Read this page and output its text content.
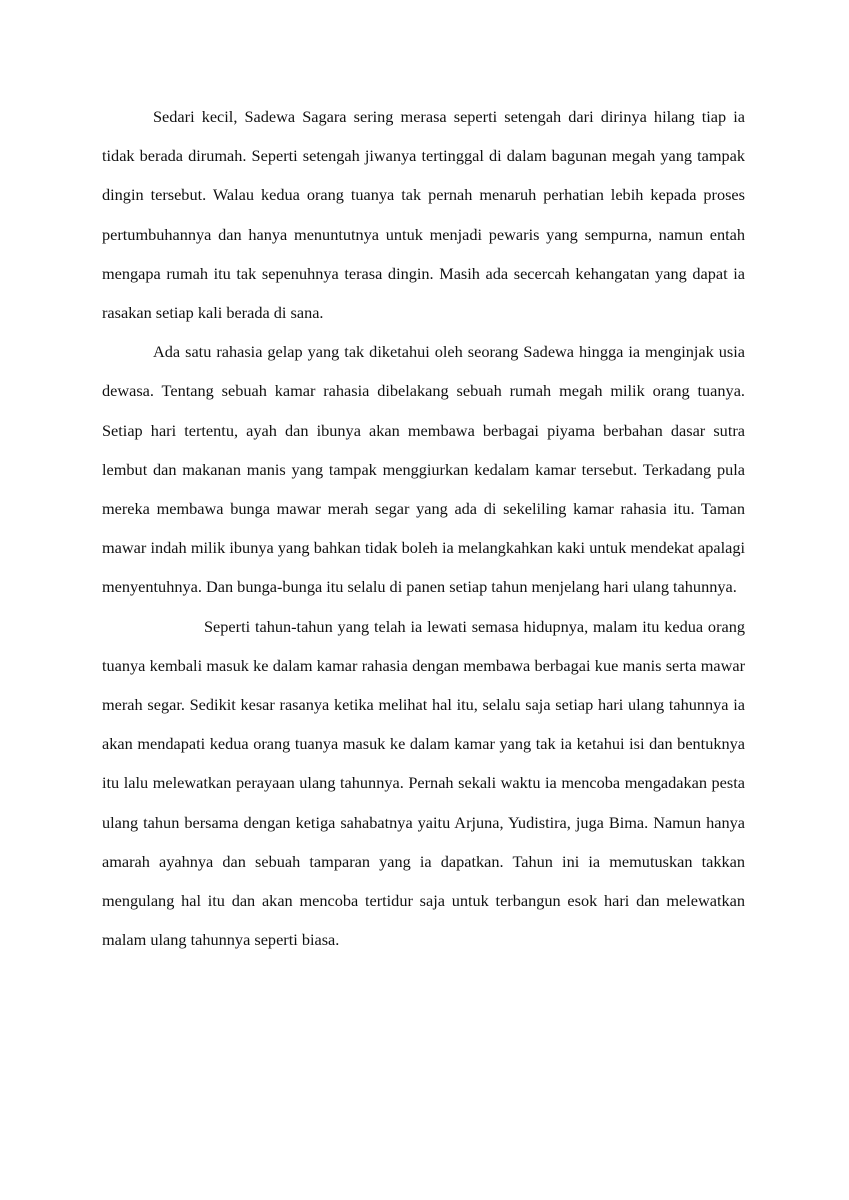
Sedari kecil, Sadewa Sagara sering merasa seperti setengah dari dirinya hilang tiap ia tidak berada dirumah. Seperti setengah jiwanya tertinggal di dalam bagunan megah yang tampak dingin tersebut. Walau kedua orang tuanya tak pernah menaruh perhatian lebih kepada proses pertumbuhannya dan hanya menuntutnya untuk menjadi pewaris yang sempurna, namun entah mengapa rumah itu tak sepenuhnya terasa dingin. Masih ada secercah kehangatan yang dapat ia rasakan setiap kali berada di sana.

Ada satu rahasia gelap yang tak diketahui oleh seorang Sadewa hingga ia menginjak usia dewasa. Tentang sebuah kamar rahasia dibelakang sebuah rumah megah milik orang tuanya. Setiap hari tertentu, ayah dan ibunya akan membawa berbagai piyama berbahan dasar sutra lembut dan makanan manis yang tampak menggiurkan kedalam kamar tersebut. Terkadang pula mereka membawa bunga mawar merah segar yang ada di sekeliling kamar rahasia itu. Taman mawar indah milik ibunya yang bahkan tidak boleh ia melangkahkan kaki untuk mendekat apalagi menyentuhnya. Dan bunga-bunga itu selalu di panen setiap tahun menjelang hari ulang tahunnya.

Seperti tahun-tahun yang telah ia lewati semasa hidupnya, malam itu kedua orang tuanya kembali masuk ke dalam kamar rahasia dengan membawa berbagai kue manis serta mawar merah segar. Sedikit kesar rasanya ketika melihat hal itu, selalu saja setiap hari ulang tahunnya ia akan mendapati kedua orang tuanya masuk ke dalam kamar yang tak ia ketahui isi dan bentuknya itu lalu melewatkan perayaan ulang tahunnya. Pernah sekali waktu ia mencoba mengadakan pesta ulang tahun bersama dengan ketiga sahabatnya yaitu Arjuna, Yudistira, juga Bima. Namun hanya amarah ayahnya dan sebuah tamparan yang ia dapatkan. Tahun ini ia memutuskan takkan mengulang hal itu dan akan mencoba tertidur saja untuk terbangun esok hari dan melewatkan malam ulang tahunnya seperti biasa.
